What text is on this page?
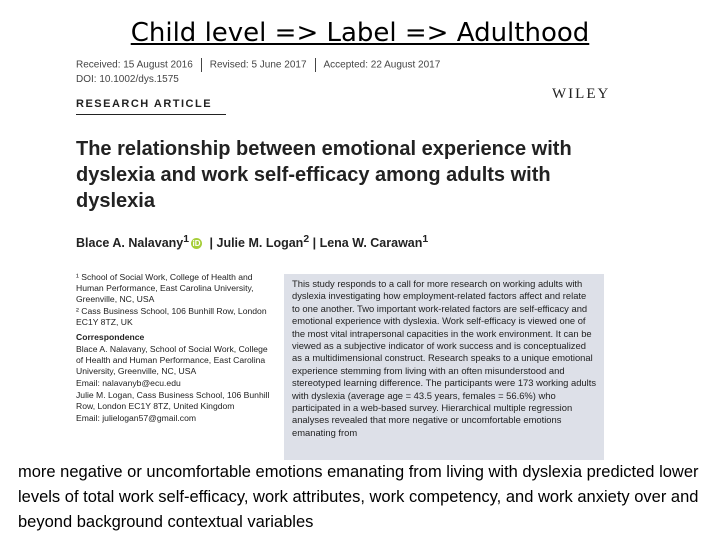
Child level => Label => Adulthood
Received: 15 August 2016 Revised: 5 June 2017 Accepted: 22 August 2017
DOI: 10.1002/dys.1575
RESEARCH ARTICLE
WILEY
The relationship between emotional experience with dyslexia and work self-efficacy among adults with dyslexia
Blace A. Nalavany$^1$ iD | Julie M. Logan$^2$ | Lena W. Carawan$^1$

¹ School of Social Work, College of Health and Human Performance, East Carolina University, Greenville, NC, USA

² Cass Business School, 106 Bunhill Row, London EC1Y 8TZ, UK

Correspondence

Blace A. Nalavany, School of Social Work, College of Health and Human Performance, East Carolina University, Greenville, NC, USA

Email: nalavanyb@ecu.edu

Julie M. Logan, Cass Business School, 106 Bunhill Row, London EC1Y 8TZ, United Kingdom

Email: julielogan57@gmail.com

This study responds to a call for more research on working adults with dyslexia investigating how employment-related factors affect and relate to one another. Two important work-related factors are self-efficacy and emotional experience with dyslexia. Work self-efficacy is viewed one of the most vital intrapersonal capacities in the work environment. It can be viewed as a subjective indicator of work success and is conceptualized as a multidimensional construct. Research speaks to a unique emotional experience stemming from living with an often misunderstood and stereotyped learning difference. The participants were 173 working adults with dyslexia (average age = 43.5 years, females = 56.6%) who participated in a web-based survey. Hierarchical multiple regression analyses revealed that more negative or uncomfortable emotions emanating from
more negative or uncomfortable emotions emanating from living with dyslexia predicted lower levels of total work self-efficacy, work attributes, work competency, and work anxiety over and beyond background contextual variables
